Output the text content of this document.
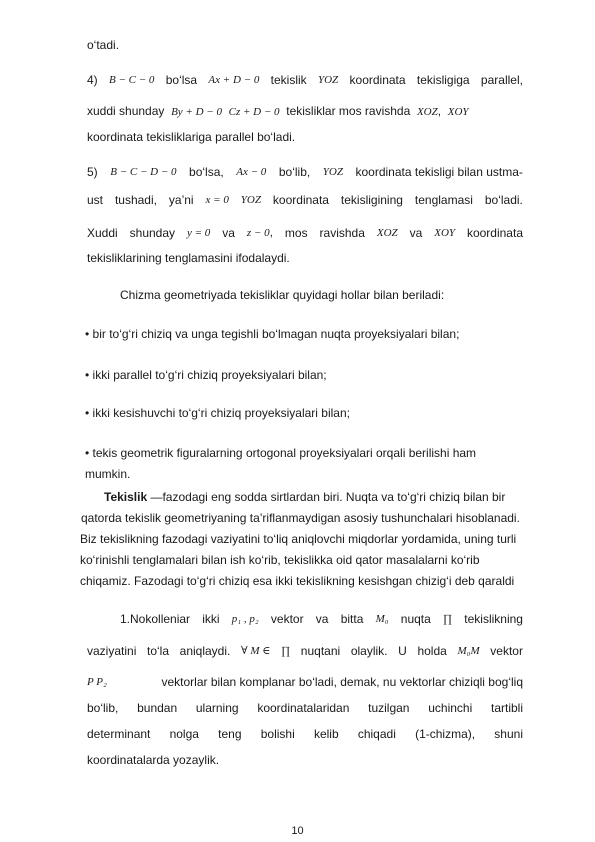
o‘tadi.
4) B − C − 0 bo‘lsa Ax + D − 0 tekislik YOZ koordinata tekisligiga parallel,
xuddi shunday By + D − 0 Cz + D − 0 tekisliklar mos ravishda XOZ, XOY
koordinata tekisliklariga parallel bo‘ladi.
5) B − C − D − 0 bo‘lsa, Ax − 0 bo‘lib, YOZ koordinata tekisligi bilan ustma-
ust tushadi, ya’ni x = 0 YOZ koordinata tekisligining tenglamasi bo‘ladi.
Xuddi shunday y = 0 va z − 0, mos ravishda XOZ va XOY koordinata
tekisliklarining tenglamasini ifodalaydi.
Chizma geometriyada tekisliklar quyidagi hollar bilan beriladi:
• bir to‘g‘ri chiziq va unga tegishli bo‘lmagan nuqta proyeksiyalari bilan;
• ikki parallel to‘g‘ri chiziq proyeksiyalari bilan;
• ikki kesishuvchi to‘g‘ri chiziq proyeksiyalari bilan;
• tekis geometrik figuralarning ortogonal proyeksiyalari orqali berilishi ham
mumkin.
Tekislik —fazodagi eng sodda sirtlardan biri. Nuqta va to‘g‘ri chiziq bilan bir
qatorda tekislik geometriyaning ta’riflanmaydigan asosiy tushunchalari hisoblanadi.
Biz tekislikning fazodagi vaziyatini to‘liq aniqlovchi miqdorlar yordamida, uning turli
ko‘rinishli tenglamalari bilan ish ko‘rib, tekislikka oid qator masalalarni ko‘rib
chiqamiz. Fazodagi to‘g‘ri chiziq esa ikki tekislikning kesishgan chizig‘i deb qaraldi
1.Nokolleniar ikki p₁ , p₂ vektor va bitta M₀ nuqta ∏ tekislikning
vaziyatini to‘la aniqlaydi. ∀ M ∈ ∏ nuqtani olaylik. U holda M₀M vektor
P P₂	vektorlar bilan komplanar bo‘ladi, demak, nu vektorlar chiziqli bog‘liq
bo‘lib, bundan ularning koordinatalaridan tuzilgan uchinchi tartibli
determinant nolga teng bolishi kelib chiqadi (1-chizma), shuni
koordinatalarda yozaylik.
10
